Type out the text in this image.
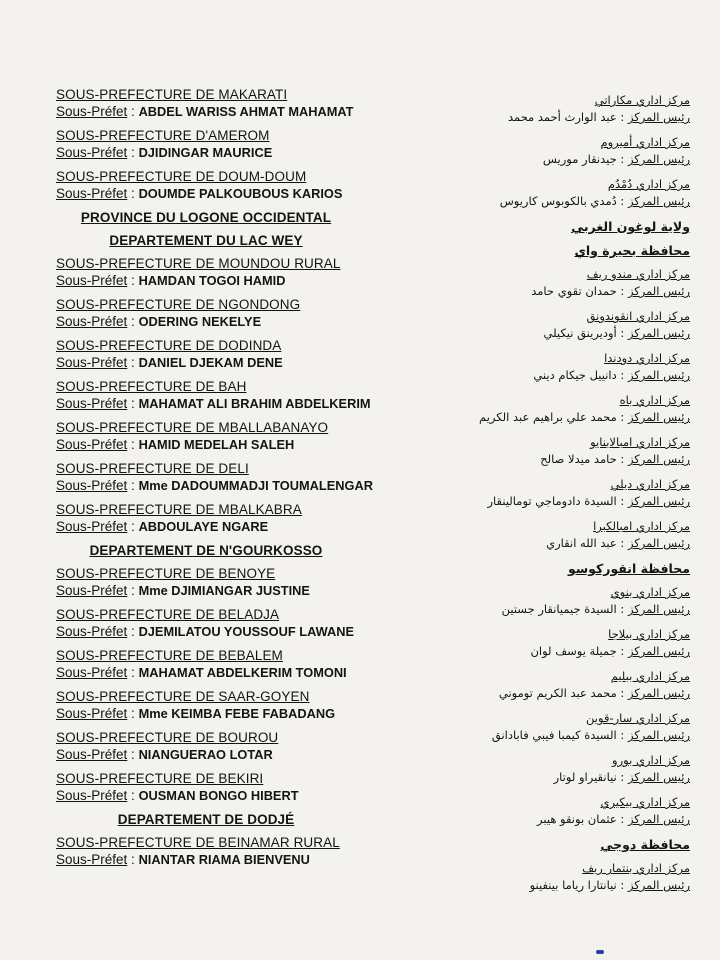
SOUS-PREFECTURE DE MAKARATI
Sous-Préfet : ABDEL WARISS AHMAT MAHAMAT
SOUS-PREFECTURE D'AMEROM
Sous-Préfet : DJIDINGAR MAURICE
SOUS-PREFECTURE DE DOUM-DOUM
Sous-Préfet : DOUMDE PALKOUBOUS KARIOS
PROVINCE DU LOGONE OCCIDENTAL
DEPARTEMENT DU LAC WEY
SOUS-PREFECTURE DE MOUNDOU RURAL
Sous-Préfet : HAMDAN TOGOI HAMID
SOUS-PREFECTURE DE NGONDONG
Sous-Préfet : ODERING NEKELYE
SOUS-PREFECTURE DE DODINDA
Sous-Préfet : DANIEL DJEKAM DENE
SOUS-PREFECTURE DE BAH
Sous-Préfet : MAHAMAT ALI BRAHIM ABDELKERIM
SOUS-PREFECTURE DE MBALLABANAYO
Sous-Préfet : HAMID MEDELAH SALEH
SOUS-PREFECTURE DE DELI
Sous-Préfet : Mme DADOUMMADJI TOUMALENGAR
SOUS-PREFECTURE DE MBALKABRA
Sous-Préfet : ABDOULAYE NGARE
DEPARTEMENT DE N'GOURKOSSO
SOUS-PREFECTURE DE BENOYE
Sous-Préfet : Mme DJIMIANGAR JUSTINE
SOUS-PREFECTURE DE BELADJA
Sous-Préfet : DJEMILATOU YOUSSOUF LAWANE
SOUS-PREFECTURE DE BEBALEM
Sous-Préfet : MAHAMAT ABDELKERIM TOMONI
SOUS-PREFECTURE DE SAAR-GOYEN
Sous-Préfet : Mme KEIMBA FEBE FABADANG
SOUS-PREFECTURE DE BOUROU
Sous-Préfet : NIANGUERAO LOTAR
SOUS-PREFECTURE DE BEKIRI
Sous-Préfet : OUSMAN BONGO HIBERT
DEPARTEMENT DE DODJÉ
SOUS-PREFECTURE DE BEINAMAR RURAL
Sous-Préfet : NIANTAR RIAMA BIENVENU
مركز اداري مكاراتي
رئيس المركز : عبد الوارث أحمد محمد
مركز اداري أميروم
رئيس المركز : جيدنقار موريس
مركز اداري دُمْدُم
رئيس المركز : دُمدي بالكوبوس كاريوس
ولاية لوغون الغربي
محافظة بحيرة واي
مركز اداري مندو ريف
رئيس المركز : حمدان تقوي حامد
مركز اداري انقوندونق
رئيس المركز : أوديرينق نيكيلي
مركز اداري دودندا
رئيس المركز : دانييل جيكام ديني
مركز اداري باه
رئيس المركز : محمد علي براهيم عبد الكريم
مركز اداري امبالابنايو
رئيس المركز : حامد ميدلا صالح
مركز اداري ديلي
رئيس المركز : السيدة دادوماجي تومالينقار
مركز اداري امبالكبرا
رئيس المركز : عبد الله انقاري
محافظة انقوركوسو
مركز اداري بنوي
رئيس المركز : السيدة جيميانقار جستين
مركز اداري بيلاجا
رئيس المركز : جميلة يوسف لوان
مركز اداري ببليم
رئيس المركز : محمد عبد الكريم توموني
مركز اداري سار-قوين
رئيس المركز : السيدة كيمبا فيبي فابادانق
مركز اداري بورو
رئيس المركز : نيانقيراو لوتار
مركز اداري بيكيري
رئيس المركز : عثمان بونقو هيبر
محافظة دوجي
مركز اداري بنتمار ريف
رئيس المركز : نيانتارا رياما بينفينو
